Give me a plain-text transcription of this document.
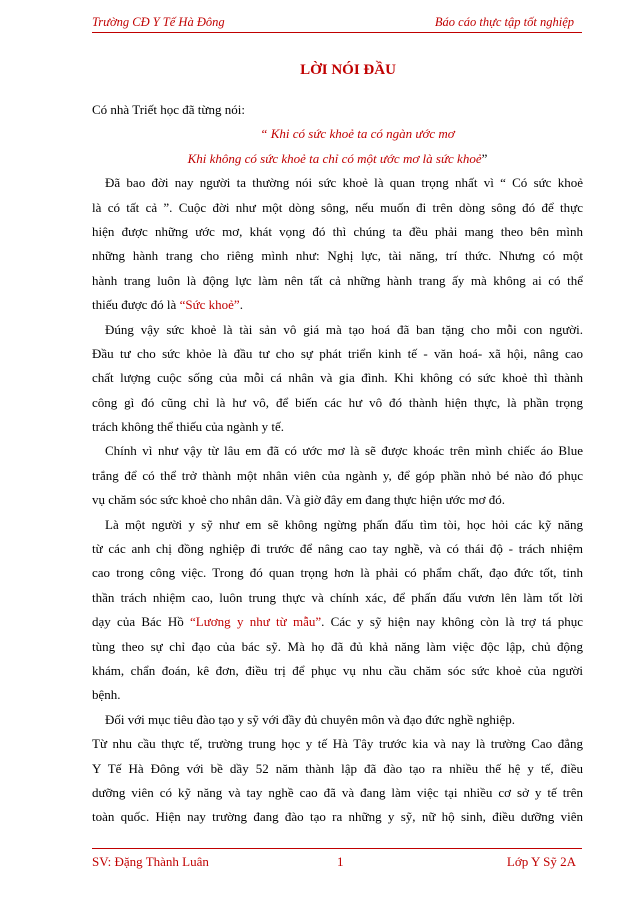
Trường CĐ Y Tế Hà Đông	Báo cáo thực tập tốt nghiệp
LỜI NÓI ĐẦU
Có nhà Triết học đã từng nói:
“ Khi có sức khoẻ ta có ngàn ước mơ
Khi không có sức khoẻ ta chỉ có một ước mơ là sức khoẻ”
Đã bao đời nay người ta thường nói sức khoẻ là quan trọng nhất vì “ Có sức khoẻ
là có tất cả ”. Cuộc đời như một dòng sông, nếu muốn đi trên dòng sông đó để thực
hiện được những ước mơ, khát vọng đó thì chúng ta đều phải mang theo bên mình
những hành trang cho riêng mình như: Nghị lực, tài năng, trí thức. Nhưng có một
hành trang luôn là động lực làm nên tất cả những hành trang ấy mà không ai có thể
thiếu được đó là “Sức khoẻ”.
Đúng vậy sức khoẻ là tài sản vô giá mà tạo hoá đã ban tặng cho mỗi con người.
Đầu tư cho sức khỏe là đầu tư cho sự phát triển kinh tế - văn hoá- xã hội, nâng cao
chất lượng cuộc sống của mỗi cá nhân và gia đình. Khi không có sức khoẻ thì thành
công gì đó cũng chỉ là hư vô, để biến các hư vô đó thành hiện thực, là phần trọng
trách không thể thiếu của ngành y tế.
Chính vì như vậy từ lâu em đã có ước mơ là sẽ được khoác trên mình chiếc áo Blue
trắng để có thể trở thành một nhân viên của ngành y, để góp phần nhỏ bé nào đó phục
vụ chăm sóc sức khoẻ cho nhân dân. Và giờ đây em đang thực hiện ước mơ đó.
Là một người y sỹ như em sẽ không ngừng phấn đấu tìm tòi, học hỏi các kỹ năng
từ các anh chị đồng nghiệp đi trước để nâng cao tay nghề, và có thái độ - trách nhiệm
cao trong công việc. Trong đó quan trọng hơn là phải có phẩm chất, đạo đức tốt, tinh
thần trách nhiệm cao, luôn trung thực và chính xác, để phấn đấu vươn lên làm tốt lời
dạy của Bác Hồ “Lương y như từ mẫu”. Các y sỹ hiện nay không còn là trợ tá phục
tùng theo sự chỉ đạo của bác sỹ. Mà họ đã đủ khả năng làm việc độc lập, chủ động
khám, chẩn đoán, kê đơn, điều trị để phục vụ nhu cầu chăm sóc sức khoẻ của người
bệnh.
Đối với mục tiêu đào tạo y sỹ với đầy đủ chuyên môn và đạo đức nghề nghiệp.
Từ nhu cầu thực tế, trường trung học y tế Hà Tây trước kia và nay là trường Cao đẳng
Y Tế Hà Đông với bề dầy 52 năm thành lập đã đào tạo ra nhiều thế hệ y tế, điều
dưỡng viên có kỹ năng và tay nghề cao đã và đang làm việc tại nhiều cơ sở y tế trên
toàn quốc. Hiện nay trường đang đào tạo ra những y sỹ, nữ hộ sinh, điều dưỡng viên
SV: Đặng Thành Luân	1	Lớp Y Sỹ 2A
